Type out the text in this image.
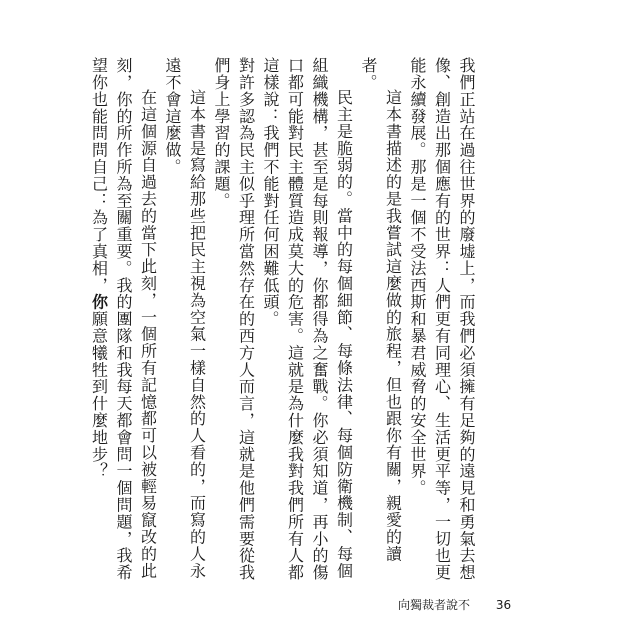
我們正站在過往世界的廢墟上，而我們必須擁有足夠的遠見和勇氣去想像、創造出那個應有的世界：人們更有同理心、生活更平等，一切也更能永續發展。那是一個不受法西斯和暴君威脅的安全世界。

這本書描述的是我嘗試這麼做的旅程，但也跟你有關，親愛的讀者。

民主是脆弱的。當中的每個細節、每條法律、每個防衛機制、每個組織機構，甚至是每則報導，你都得為之奮戰。你必須知道，再小的傷口都可能對民主體質造成莫大的危害。這就是為什麼我對我們所有人都這樣說：我們不能對任何困難低頭。

對許多認為民主似乎理所當然存在的西方人而言，這就是他們需要從我們身上學習的課題。

這本書是寫給那些把民主視為空氣一樣自然的人看的，而寫的人永遠不會這麼做。

在這個源自過去的當下此刻，一個所有記憶都可以被輕易竄改的此刻，你的所作所為至關重要。我的團隊和我每天都會問一個問題，我希望你也能問問自己：為了真相，你願意犧牲到什麼地步？

向獨裁者說不 36
